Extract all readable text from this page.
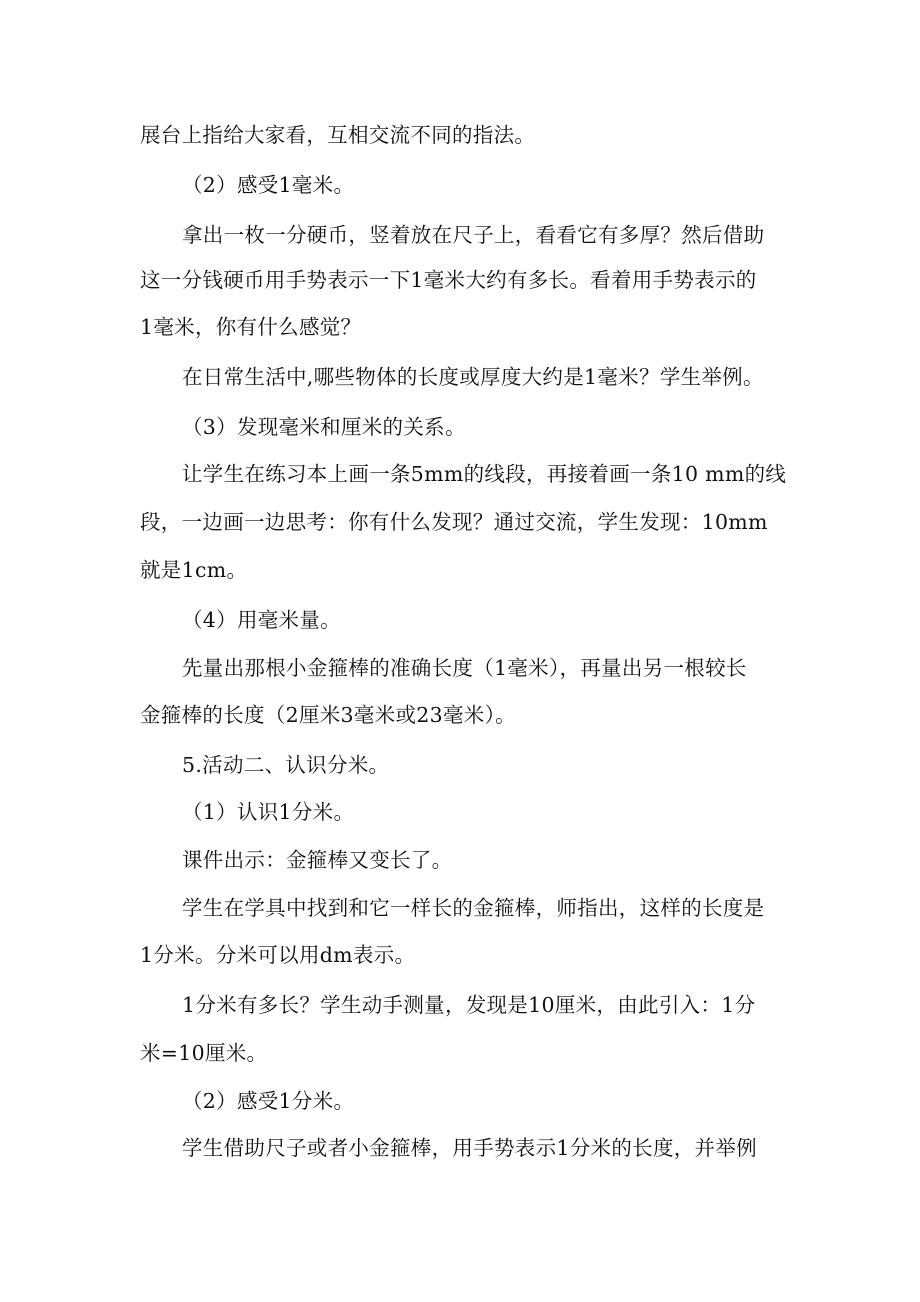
展台上指给大家看，互相交流不同的指法。
（2）感受1毫米。
拿出一枚一分硬币，竖着放在尺子上，看看它有多厚？然后借助
这一分钱硬币用手势表示一下1毫米大约有多长。看着用手势表示的
1毫米，你有什么感觉？
在日常生活中,哪些物体的长度或厚度大约是1毫米？学生举例。
（3）发现毫米和厘米的关系。
让学生在练习本上画一条5mm的线段，再接着画一条10 mm的线
段，一边画一边思考：你有什么发现？通过交流，学生发现：10mm
就是1cm。
（4）用毫米量。
先量出那根小金箍棒的准确长度（1毫米），再量出另一根较长
金箍棒的长度（2厘米3毫米或23毫米）。
5.活动二、认识分米。
（1）认识1分米。
课件出示：金箍棒又变长了。
学生在学具中找到和它一样长的金箍棒，师指出，这样的长度是
1分米。分米可以用dm表示。
1分米有多长？学生动手测量，发现是10厘米，由此引入：1分
米=10厘米。
（2）感受1分米。
学生借助尺子或者小金箍棒，用手势表示1分米的长度，并举例
